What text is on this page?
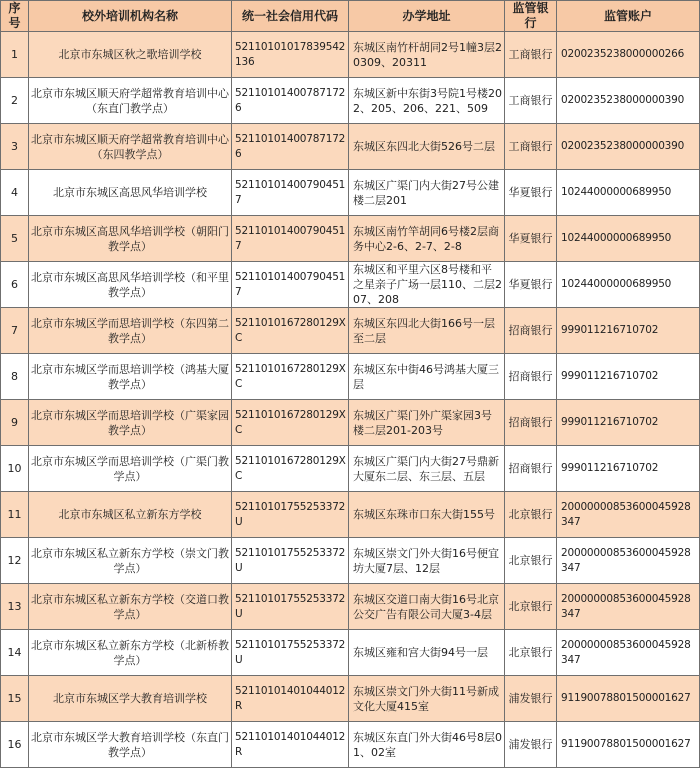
序号	校外培训机构名称	统一社会信用代码	办学地址	监管银行	监管账户
1	北京市东城区秋之歌培训学校	52110101017839542136	东城区南竹杆胡同2号1幢3层20309、20311	工商银行	0200235238000000266
2	北京市东城区顺天府学超常教育培训中心（东直门教学点）	521101014007871726	东城区新中东街3号院1号楼202、205、206、221、509	工商银行	0200235238000000390
3	北京市东城区顺天府学超常教育培训中心（东四教学点）	521101014007871726	东城区东四北大街526号二层	工商银行	0200235238000000390
4	北京市东城区高思风华培训学校	521101014007904517	东城区广渠门内大街27号公建楼二层201	华夏银行	10244000000689950
5	北京市东城区高思风华培训学校（朝阳门教学点）	521101014007904517	东城区南竹竿胡同6号楼2层商务中心2-6、2-7、2-8	华夏银行	10244000000689950
6	北京市东城区高思风华培训学校（和平里教学点）	521101014007904517	东城区和平里六区8号楼和平之星亲子广场一层110、二层207、208	华夏银行	10244000000689950
7	北京市东城区学而思培训学校（东四第二教学点）	5211010167280129XC	东城区东四北大街166号一层至二层	招商银行	999011216710702
8	北京市东城区学而思培训学校（鸿基大厦教学点）	5211010167280129XC	东城区东中街46号鸿基大厦三层	招商银行	999011216710702
9	北京市东城区学而思培训学校（广渠家园教学点）	5211010167280129XC	东城区广渠门外广渠家园3号楼二层201-203号	招商银行	999011216710702
10	北京市东城区学而思培训学校（广渠门教学点）	5211010167280129XC	东城区广渠门内大街27号鼎新大厦东二层、东三层、五层	招商银行	999011216710702
11	北京市东城区私立新东方学校	52110101755253372U	东城区东珠市口东大街155号	北京银行	20000000853600045928347
12	北京市东城区私立新东方学校（崇文门教学点）	52110101755253372U	东城区崇文门外大街16号便宜坊大厦7层、12层	北京银行	20000000853600045928347
13	北京市东城区私立新东方学校（交道口教学点）	52110101755253372U	东城区交道口南大街16号北京公交广告有限公司大厦3-4层	北京银行	20000000853600045928347
14	北京市东城区私立新东方学校（北新桥教学点）	52110101755253372U	东城区雍和宫大街94号一层	北京银行	20000000853600045928347
15	北京市东城区学大教育培训学校	52110101401044012R	东城区崇文门外大街11号新成文化大厦415室	浦发银行	91190078801500001627
16	北京市东城区学大教育培训学校（东直门教学点）	52110101401044012R	东城区东直门外大街46号8层01、02室	浦发银行	91190078801500001627
